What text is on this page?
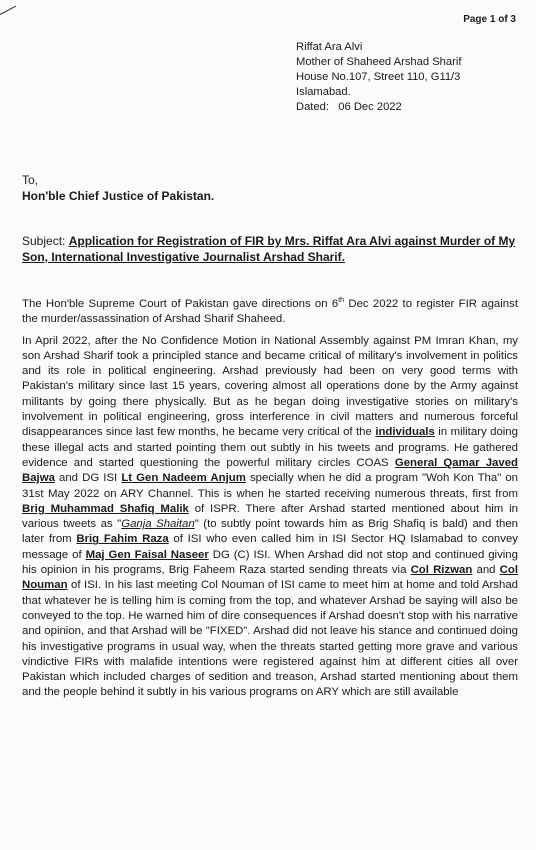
Page 1 of 3
Riffat Ara Alvi
Mother of Shaheed Arshad Sharif
House No.107, Street 110, G11/3
Islamabad.
Dated: 06 Dec 2022
To,
Hon'ble Chief Justice of Pakistan.
Subject: Application for Registration of FIR by Mrs. Riffat Ara Alvi against Murder of My Son, International Investigative Journalist Arshad Sharif.

The Hon'ble Supreme Court of Pakistan gave directions on 6th Dec 2022 to register FIR against the murder/assassination of Arshad Sharif Shaheed.

In April 2022, after the No Confidence Motion in National Assembly against PM Imran Khan, my son Arshad Sharif took a principled stance and became critical of military's involvement in politics and its role in political engineering. Arshad previously had been on very good terms with Pakistan's military since last 15 years, covering almost all operations done by the Army against militants by going there physically. But as he began doing investigative stories on military's involvement in political engineering, gross interference in civil matters and numerous forceful disappearances since last few months, he became very critical of the individuals in military doing these illegal acts and started pointing them out subtly in his tweets and programs. He gathered evidence and started questioning the powerful military circles COAS General Qamar Javed Bajwa and DG ISI Lt Gen Nadeem Anjum specially when he did a program "Woh Kon Tha" on 31st May 2022 on ARY Channel. This is when he started receiving numerous threats, first from Brig Muhammad Shafiq Malik of ISPR. There after Arshad started mentioned about him in various tweets as "Ganja Shaitan" (to subtly point towards him as Brig Shafiq is bald) and then later from Brig Fahim Raza of ISI who even called him in ISI Sector HQ Islamabad to convey message of Maj Gen Faisal Naseer DG (C) ISI. When Arshad did not stop and continued giving his opinion in his programs, Brig Faheem Raza started sending threats via Col Rizwan and Col Nouman of ISI. In his last meeting Col Nouman of ISI came to meet him at home and told Arshad that whatever he is telling him is coming from the top, and whatever Arshad be saying will also be conveyed to the top. He warned him of dire consequences if Arshad doesn't stop with his narrative and opinion, and that Arshad will be "FIXED". Arshad did not leave his stance and continued doing his investigative programs in usual way, when the threats started getting more grave and various vindictive FIRs with malafide intentions were registered against him at different cities all over Pakistan which included charges of sedition and treason, Arshad started mentioning about them and the people behind it subtly in his various programs on ARY which are still available
